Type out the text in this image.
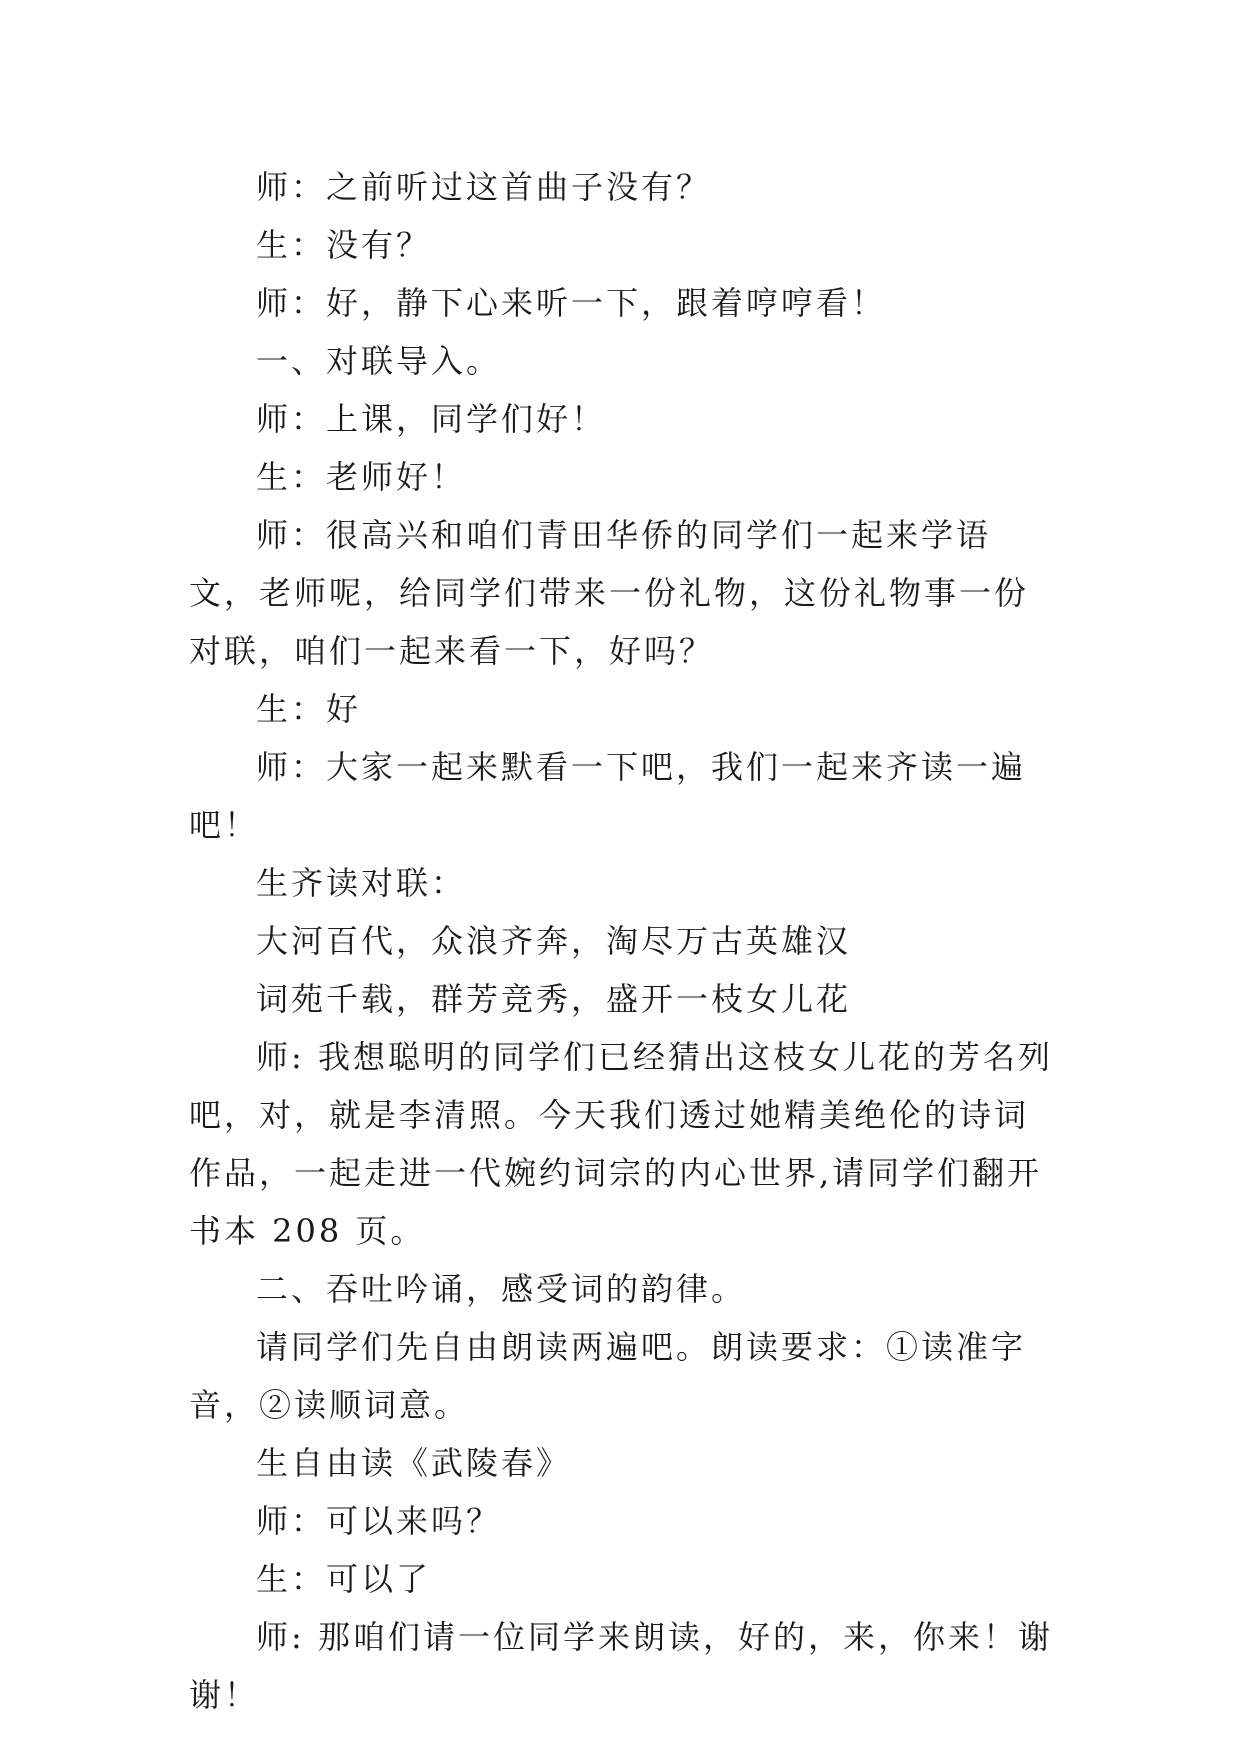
师：之前听过这首曲子没有？

生：没有？

师：好，静下心来听一下，跟着哼哼看！

一、对联导入。

师：上课，同学们好！

生：老师好！

师：很高兴和咱们青田华侨的同学们一起来学语文，老师呢，给同学们带来一份礼物，这份礼物事一份对联，咱们一起来看一下，好吗？

生：好

师：大家一起来默看一下吧，我们一起来齐读一遍吧！

生齐读对联：

大河百代，众浪齐奔，淘尽万古英雄汉

词苑千载，群芳竞秀，盛开一枝女儿花

师: 我想聪明的同学们已经猜出这枝女儿花的芳名列吧，对，就是李清照。今天我们透过她精美绝伦的诗词作品，一起走进一代婉约词宗的内心世界,请同学们翻开书本 208 页。

二、吞吐吟诵，感受词的韵律。

请同学们先自由朗读两遍吧。朗读要求：①读准字音，②读顺词意。

生自由读《武陵春》

师：可以来吗？

生：可以了

师: 那咱们请一位同学来朗读，好的，来，你来！谢谢！
